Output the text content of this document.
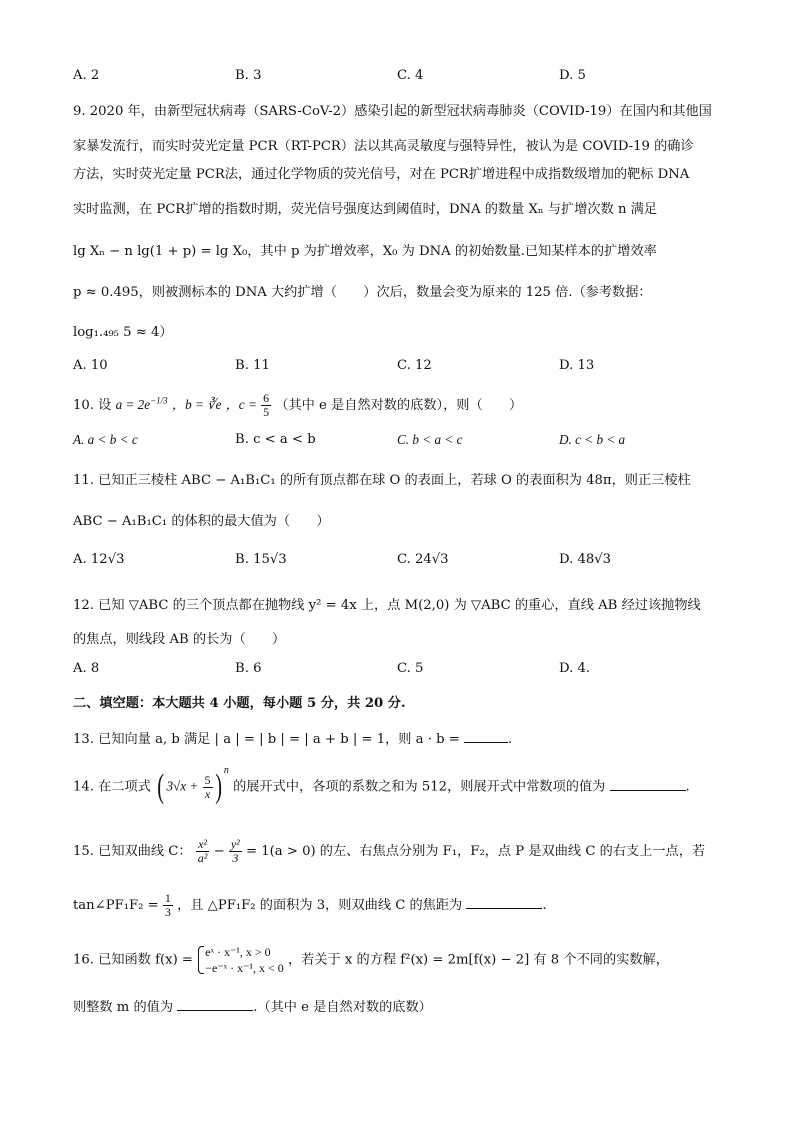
A. 2	B. 3	C. 4	D. 5
9. 2020 年，由新型冠状病毒（SARS-CoV-2）感染引起的新型冠状病毒肺炎（COVID-19）在国内和其他国
家暴发流行，而实时荧光定量 PCR（RT-PCR）法以其高灵敏度与强特异性，被认为是 COVID-19 的确诊
方法，实时荧光定量 PCR法，通过化学物质的荧光信号，对在 PCR扩增进程中成指数级增加的靶标 DNA
实时监测，在 PCR扩增的指数时期，荧光信号强度达到阈值时，DNA 的数量 Xₙ 与扩增次数 n 满足
lg Xₙ − n lg(1 + p) = lg X₀，其中 p 为扩增效率，X₀ 为 DNA 的初始数量.已知某样本的扩增效率
p ≈ 0.495，则被测标本的 DNA 大约扩增（　　）次后，数量会变为原来的 125 倍.（参考数据：
log₁.₄₉₅ 5 ≈ 4）
A. 10	B. 11	C. 12	D. 13
10. 设 $a = 2e^{-1/3}$ ，b = ∛e ，$c = \frac{6}{5}$ （其中 e 是自然对数的底数），则（　　）
A. a < b < c	B. c < a < b	C. b < a < c	D. c < b < a
11. 已知正三棱柱 ABC − A₁B₁C₁ 的所有顶点都在球 O 的表面上，若球 O 的表面积为 48π，则正三棱柱
ABC − A₁B₁C₁ 的体积的最大值为（　　）
A. 12√3	B. 15√3	C. 24√3	D. 48√3
12. 已知 ▽ABC 的三个顶点都在抛物线 y² = 4x 上，点 M(2,0) 为 ▽ABC 的重心，直线 AB 经过该抛物线
的焦点，则线段 AB 的长为（　　）
A. 8	B. 6	C. 5	D. 4.
二、填空题：本大题共 4 小题，每小题 5 分，共 20 分.
13. 已知向量 a, b 满足 | a | = | b | = | a + b | = 1，则 a · b =	.
14. 在二项式 ( $3√x + \frac{5}{x}$ ) $^n$ 的展开式中，各项的系数之和为 512，则展开式中常数项的值为	.
15. 已知双曲线 C： $\frac{\text{x²}}{\text{a²}} - \frac{\text{y²}}{3} = 1(a > 0)$ 的左、右焦点分别为 F₁，F₂，点 P 是双曲线 C 的右支上一点，若
tan∠PF₁F₂ = $\frac{1}{3}$ ，且 △PF₁F₂ 的面积为 3，则双曲线 C 的焦距为	.
16. 已知函数 f(x) =
eˣ · x⁻¹, x > 0
−e⁻ˣ · x⁻¹, x < 0
，若关于 x 的方程 f²(x) = 2m[f(x) − 2] 有 8 个不同的实数解，
则整数 m 的值为	.（其中 e 是自然对数的底数）
